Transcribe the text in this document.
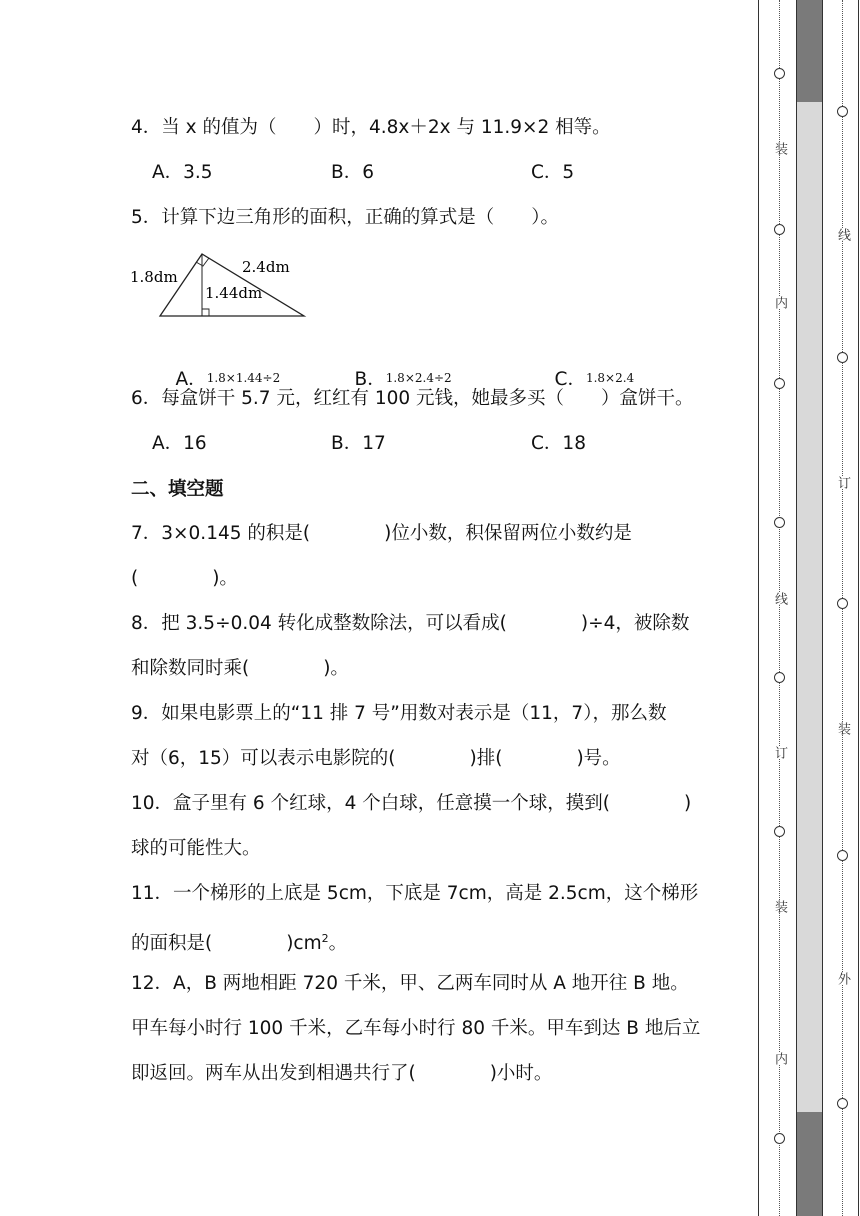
4．当 x 的值为（　　）时，4.8x＋2x 与 11.9×2 相等。
A．3.5	B．6	C．5
5．计算下边三角形的面积，正确的算式是（　　）。
1.8dm
2.4dm
1.44dm

A．1.8×1.44÷2
	B．1.8×2.4÷2
	C．1.8×2.4

6．每盒饼干 5.7 元，红红有 100 元钱，她最多买（　　）盒饼干。
A．16	B．17	C．18
二、填空题
7．3×0.145 的积是(　　　　)位小数，积保留两位小数约是
(　　　　)。
8．把 3.5÷0.04 转化成整数除法，可以看成(　　　　)÷4，被除数
和除数同时乘(　　　　)。
9．如果电影票上的“11 排 7 号”用数对表示是（11，7），那么数
对（6，15）可以表示电影院的(　　　　)排(　　　　)号。
10．盒子里有 6 个红球，4 个白球，任意摸一个球，摸到(　　　　)
球的可能性大。
11．一个梯形的上底是 5cm，下底是 7cm，高是 2.5cm，这个梯形
的面积是(　　　　)$cm^2$。
12．A，B 两地相距 720 千米，甲、乙两车同时从 A 地开往 B 地。
甲车每小时行 100 千米，乙车每小时行 80 千米。甲车到达 B 地后立
即返回。两车从出发到相遇共行了(　　　　)小时。
装
内
线
订
装
内
线
订
装
外
